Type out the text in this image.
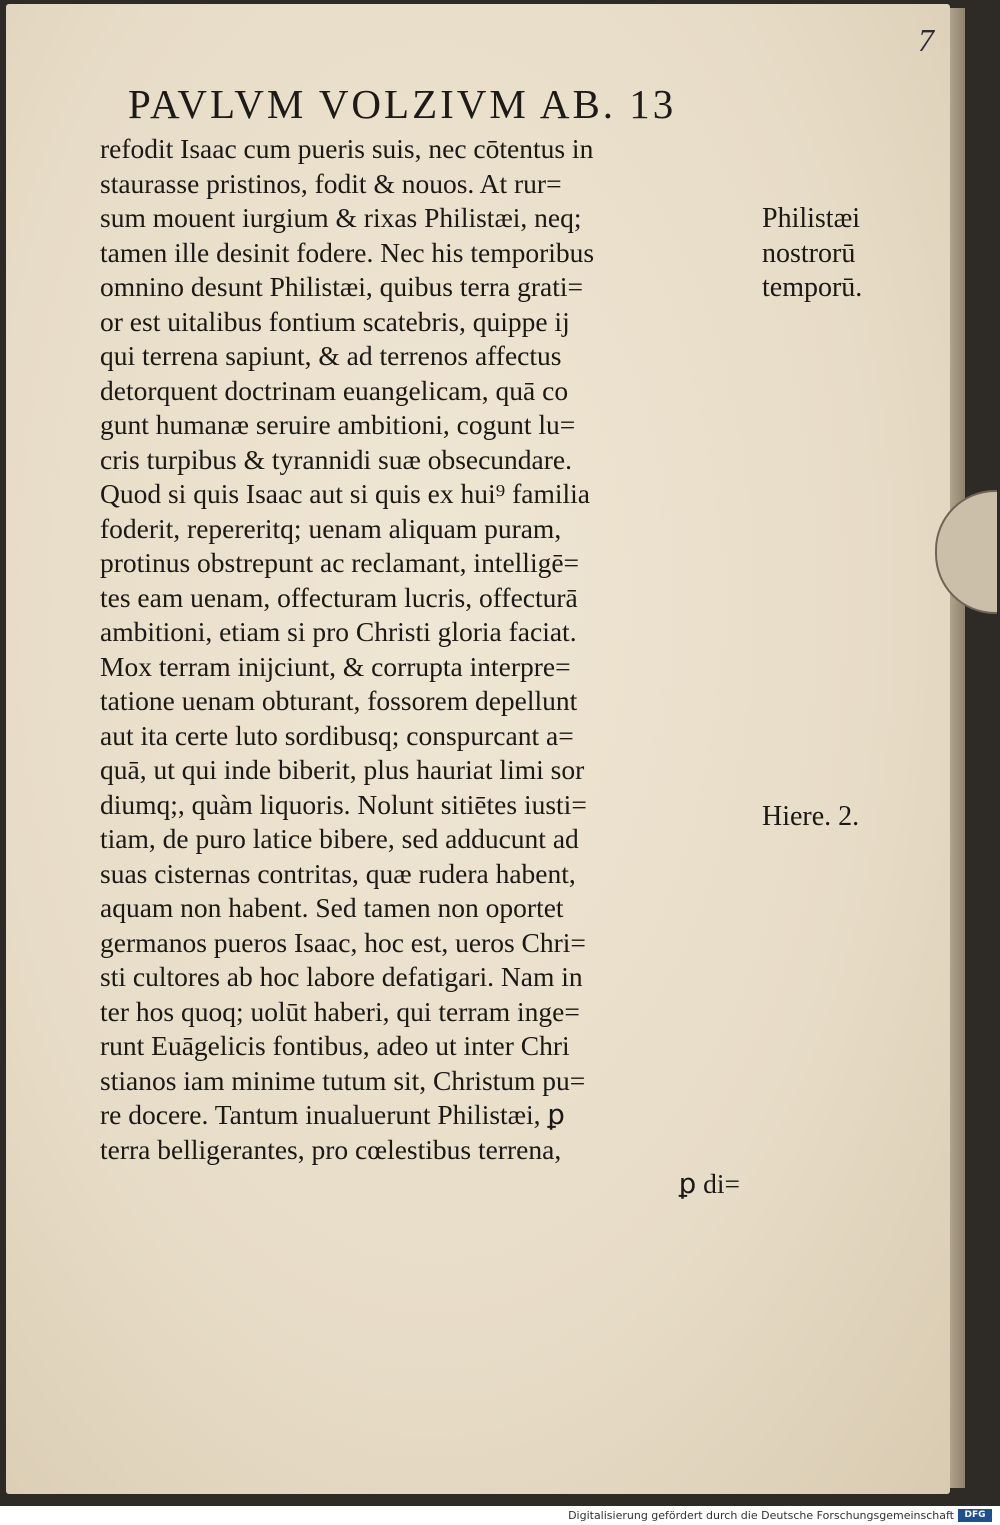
7
PAVLVM VOLZIVM AB. 13
refodit Isaac cum pueris suis, nec cōtentus in
staurasse pristinos, fodit & nouos. At rur=
sum mouent iurgium & rixas Philistæi, neq;
tamen ille desinit fodere. Nec his temporibus
omnino desunt Philistæi, quibus terra grati=
or est uitalibus fontium scatebris, quippe ij
qui terrena sapiunt, & ad terrenos affectus
detorquent doctrinam euangelicam, quā co
gunt humanæ seruire ambitioni, cogunt lu=
cris turpibus & tyrannidi suæ obsecundare.
Quod si quis Isaac aut si quis ex hui⁹ familia
foderit, repereritq; uenam aliquam puram,
protinus obstrepunt ac reclamant, intelligē=
tes eam uenam, offecturam lucris, offecturā
ambitioni, etiam si pro Christi gloria faciat.
Mox terram inijciunt, & corrupta interpre=
tatione uenam obturant, fossorem depellunt
aut ita certe luto sordibusq; conspurcant a=
quā, ut qui inde biberit, plus hauriat limi sor
diumq;, quàm liquoris. Nolunt sitiētes iusti=
tiam, de puro latice bibere, sed adducunt ad
suas cisternas contritas, quæ rudera habent,
aquam non habent. Sed tamen non oportet
germanos pueros Isaac, hoc est, ueros Chri=
sti cultores ab hoc labore defatigari. Nam in
ter hos quoq; uolūt haberi, qui terram inge=
runt Euāgelicis fontibus, adeo ut inter Chri
stianos iam minime tutum sit, Christum pu=
re docere. Tantum inualuerunt Philistæi, ꝑ
terra belligerantes, pro cœlestibus terrena,
ꝑ di=
Philistæi
nostrorū
temporū.
Hiere. 2.
Digitalisierung gefördert durch die Deutsche Forschungsgemeinschaft	DFG
